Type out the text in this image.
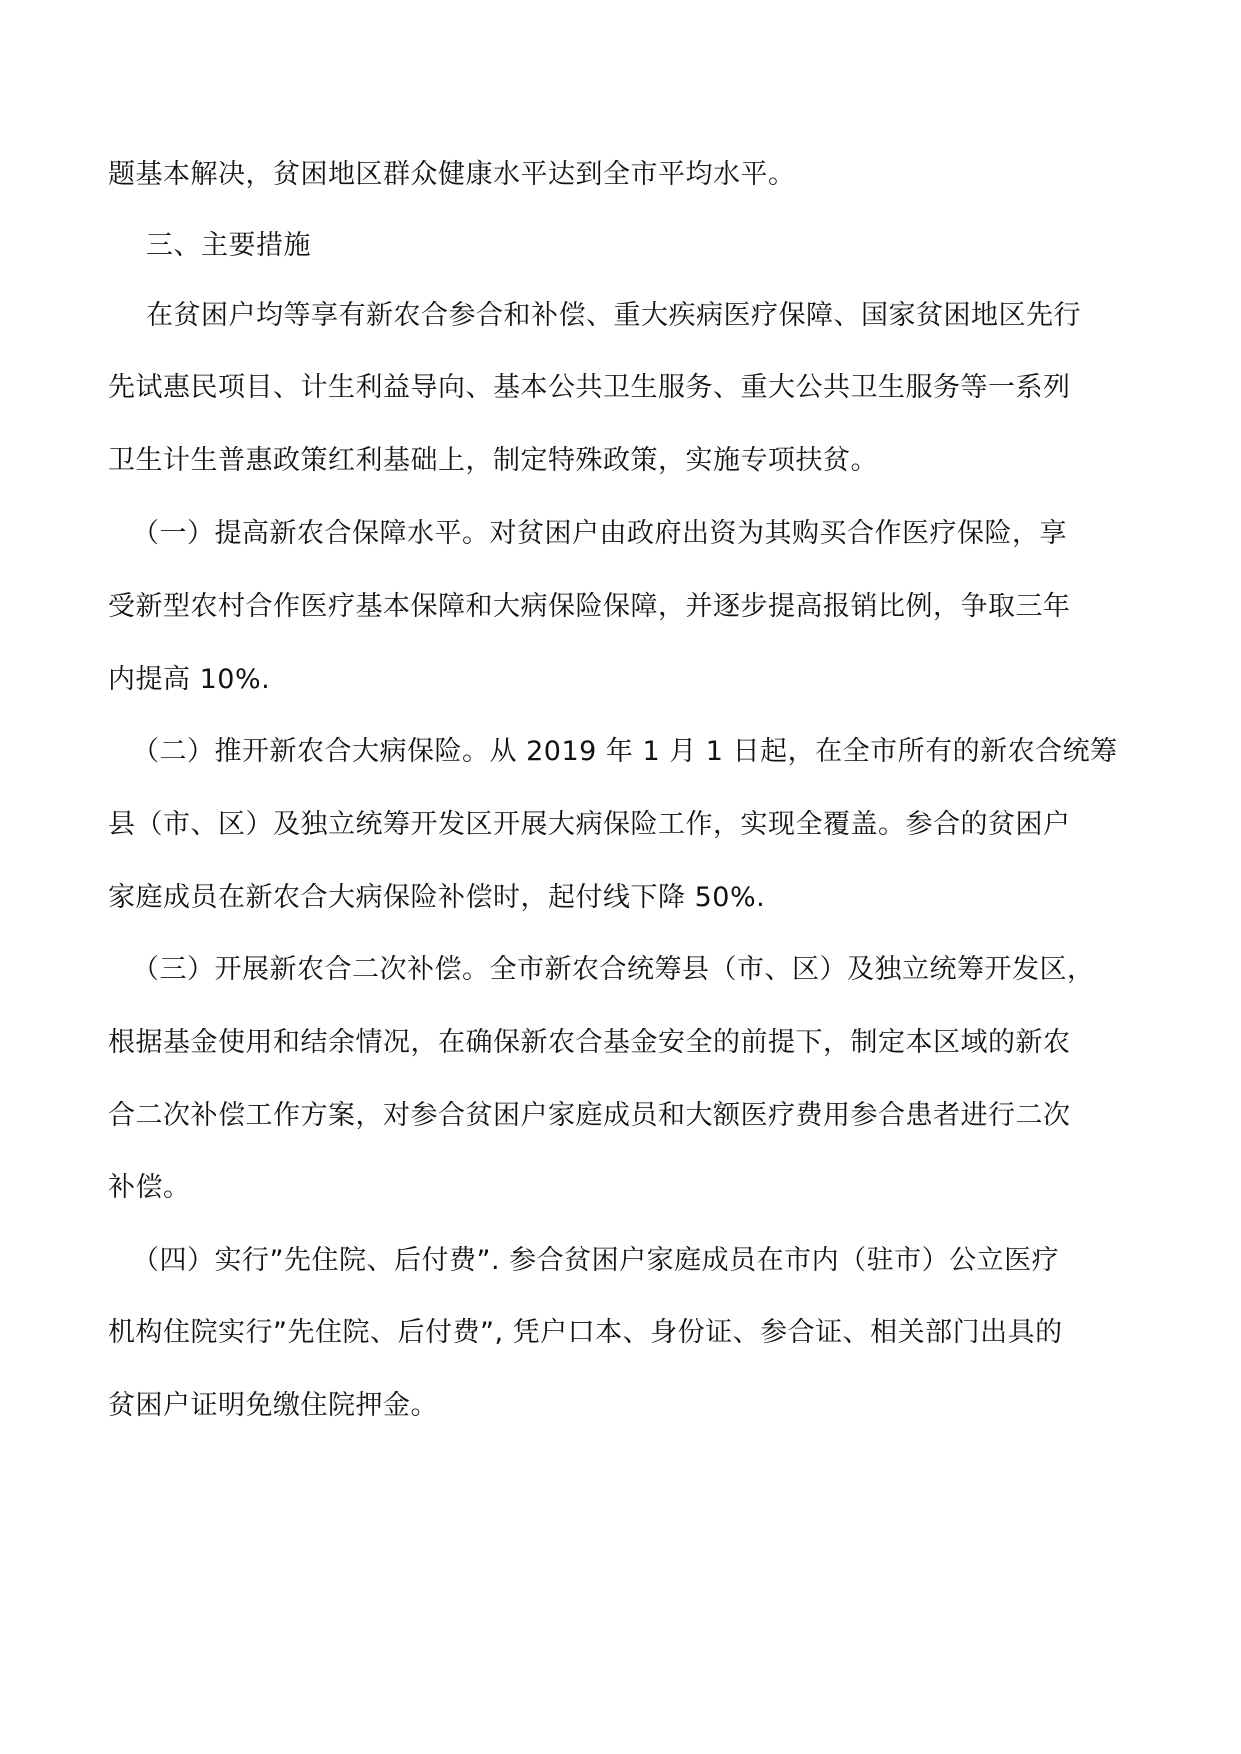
题基本解决，贫困地区群众健康水平达到全市平均水平。
三、主要措施
在贫困户均等享有新农合参合和补偿、重大疾病医疗保障、国家贫困地区先行
先试惠民项目、计生利益导向、基本公共卫生服务、重大公共卫生服务等一系列
卫生计生普惠政策红利基础上，制定特殊政策，实施专项扶贫。
（一）提高新农合保障水平。对贫困户由政府出资为其购买合作医疗保险，享
受新型农村合作医疗基本保障和大病保险保障，并逐步提高报销比例，争取三年
内提高 10%.
（二）推开新农合大病保险。从 2019 年 1 月 1 日起，在全市所有的新农合统筹
县（市、区）及独立统筹开发区开展大病保险工作，实现全覆盖。参合的贫困户
家庭成员在新农合大病保险补偿时，起付线下降 50%.
（三）开展新农合二次补偿。全市新农合统筹县（市、区）及独立统筹开发区，
根据基金使用和结余情况，在确保新农合基金安全的前提下，制定本区域的新农
合二次补偿工作方案，对参合贫困户家庭成员和大额医疗费用参合患者进行二次
补偿。
（四）实行”先住院、后付费”. 参合贫困户家庭成员在市内（驻市）公立医疗
机构住院实行”先住院、后付费”, 凭户口本、身份证、参合证、相关部门出具的
贫困户证明免缴住院押金。
